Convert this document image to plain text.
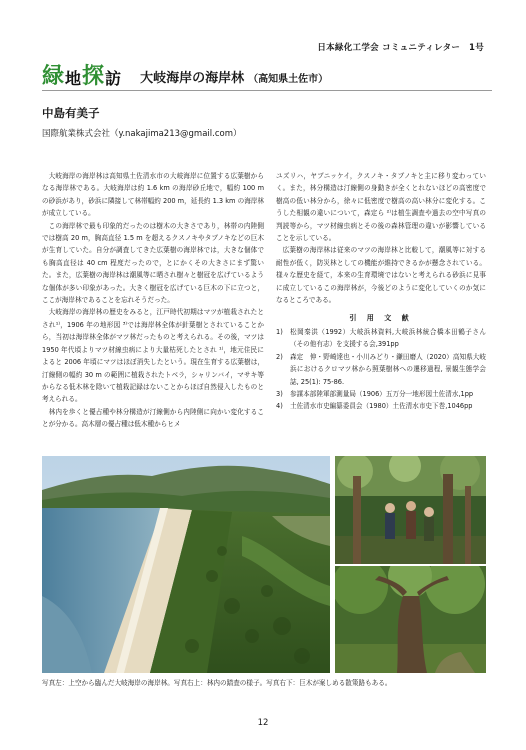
日本緑化工学会 コミュニティレター　1号
緑 地 探 訪 大岐海岸の海岸林 （高知県土佐市）
中島有美子
国際航業株式会社（y.nakajima213@gmail.com）

大岐海岸の海岸林は高知県土佐清水市の大岐海岸に位置する広葉樹からなる海岸林である。大岐海岸は約 1.6 km の海岸砂丘地で，幅約 100 m の砂浜があり，砂浜に隣接して林帯幅約 200 m，延長約 1.3 km の海岸林が成立している。

この海岸林で最も印象的だったのは樹木の大きさであり，林帯の内陸側では樹高 20 m，胸高直径 1.5 m を超えるクスノキやタブノキなどの巨木が生育していた。自分が調査してきた広葉樹の海岸林では，大きな個体でも胸高直径は 40 cm 程度だったので，とにかくその大きさにまず驚いた。また，広葉樹の海岸林は潮風等に晒され樹々と樹冠を広げているような個体が多い印象があった。大きく樹冠を広げている巨木の下に立つと，ここが海岸林であることを忘れそうだった。

大岐海岸の海岸林の歴史をみると，江戸時代初期はマツが植栽されたとされ¹⁾，1906 年の地形図 ³⁾では海岸林全体が針葉樹とされていることから，当初は海岸林全体がマツ林だったものと考えられる。その後，マツは 1950 年代頃よりマツ材線虫病により大量枯死したとされ ¹⁾，地元住民によると 2006 年頃にマツはほぼ消失したという。現在生育する広葉樹は，汀線側の幅約 30 m の範囲に植栽されたトベラ，シャリンバイ，マサキ等からなる低木林を除いて植栽記録はないことからほぼ自然侵入したものと考えられる。

林内を歩くと優占種や林分構造が汀線側から内陸側に向かい変化することが分かる。高木層の優占種は低木種からヒメ

ユズリハ，ヤブニッケイ，クスノキ・タブノキと主に移り変わっていく。また，林分構造は汀線側の身動きが全くとれないほどの高密度で樹高の低い林分から，徐々に低密度で樹高の高い林分に変化する。こうした相観の違いについて，森定ら ²⁾は植生調査や過去の空中写真の判読等から，マツ材線虫病とその後の森林管理の違いが影響していることを示している。

広葉樹の海岸林は従来のマツの海岸林と比較して，潮風等に対する耐性が低く，防災林としての機能が維持できるかが懸念されている。様々な歴史を経て，本来の生育環境ではないと考えられる砂浜に見事に成立しているこの海岸林が，今後どのように変化していくのか気になるところである。

引 用 文 献
1)	松岡秦洪（1992）大岐浜林資料,大岐浜林統合橋本田鶴子さん（その他有志）を支援する会,391pp
2)	森定　伸・野崎達也・小川みどり・鎌田磨人（2020）高知県大岐浜におけるクロマツ林から照葉樹林への遷移過程, 景観生態学会誌, 25(1): 75-86.
3)	参謀本部陸軍部測量局（1906）五万分一地形図土佐清水,1pp
4)	土佐清水市史編纂委員会（1980）土佐清水市史下巻,1046pp
写真左：上空から臨んだ大岐海岸の海岸林。写真右上：林内の踏査の様子。写真右下：巨木が案しめる散策路もある。
12
